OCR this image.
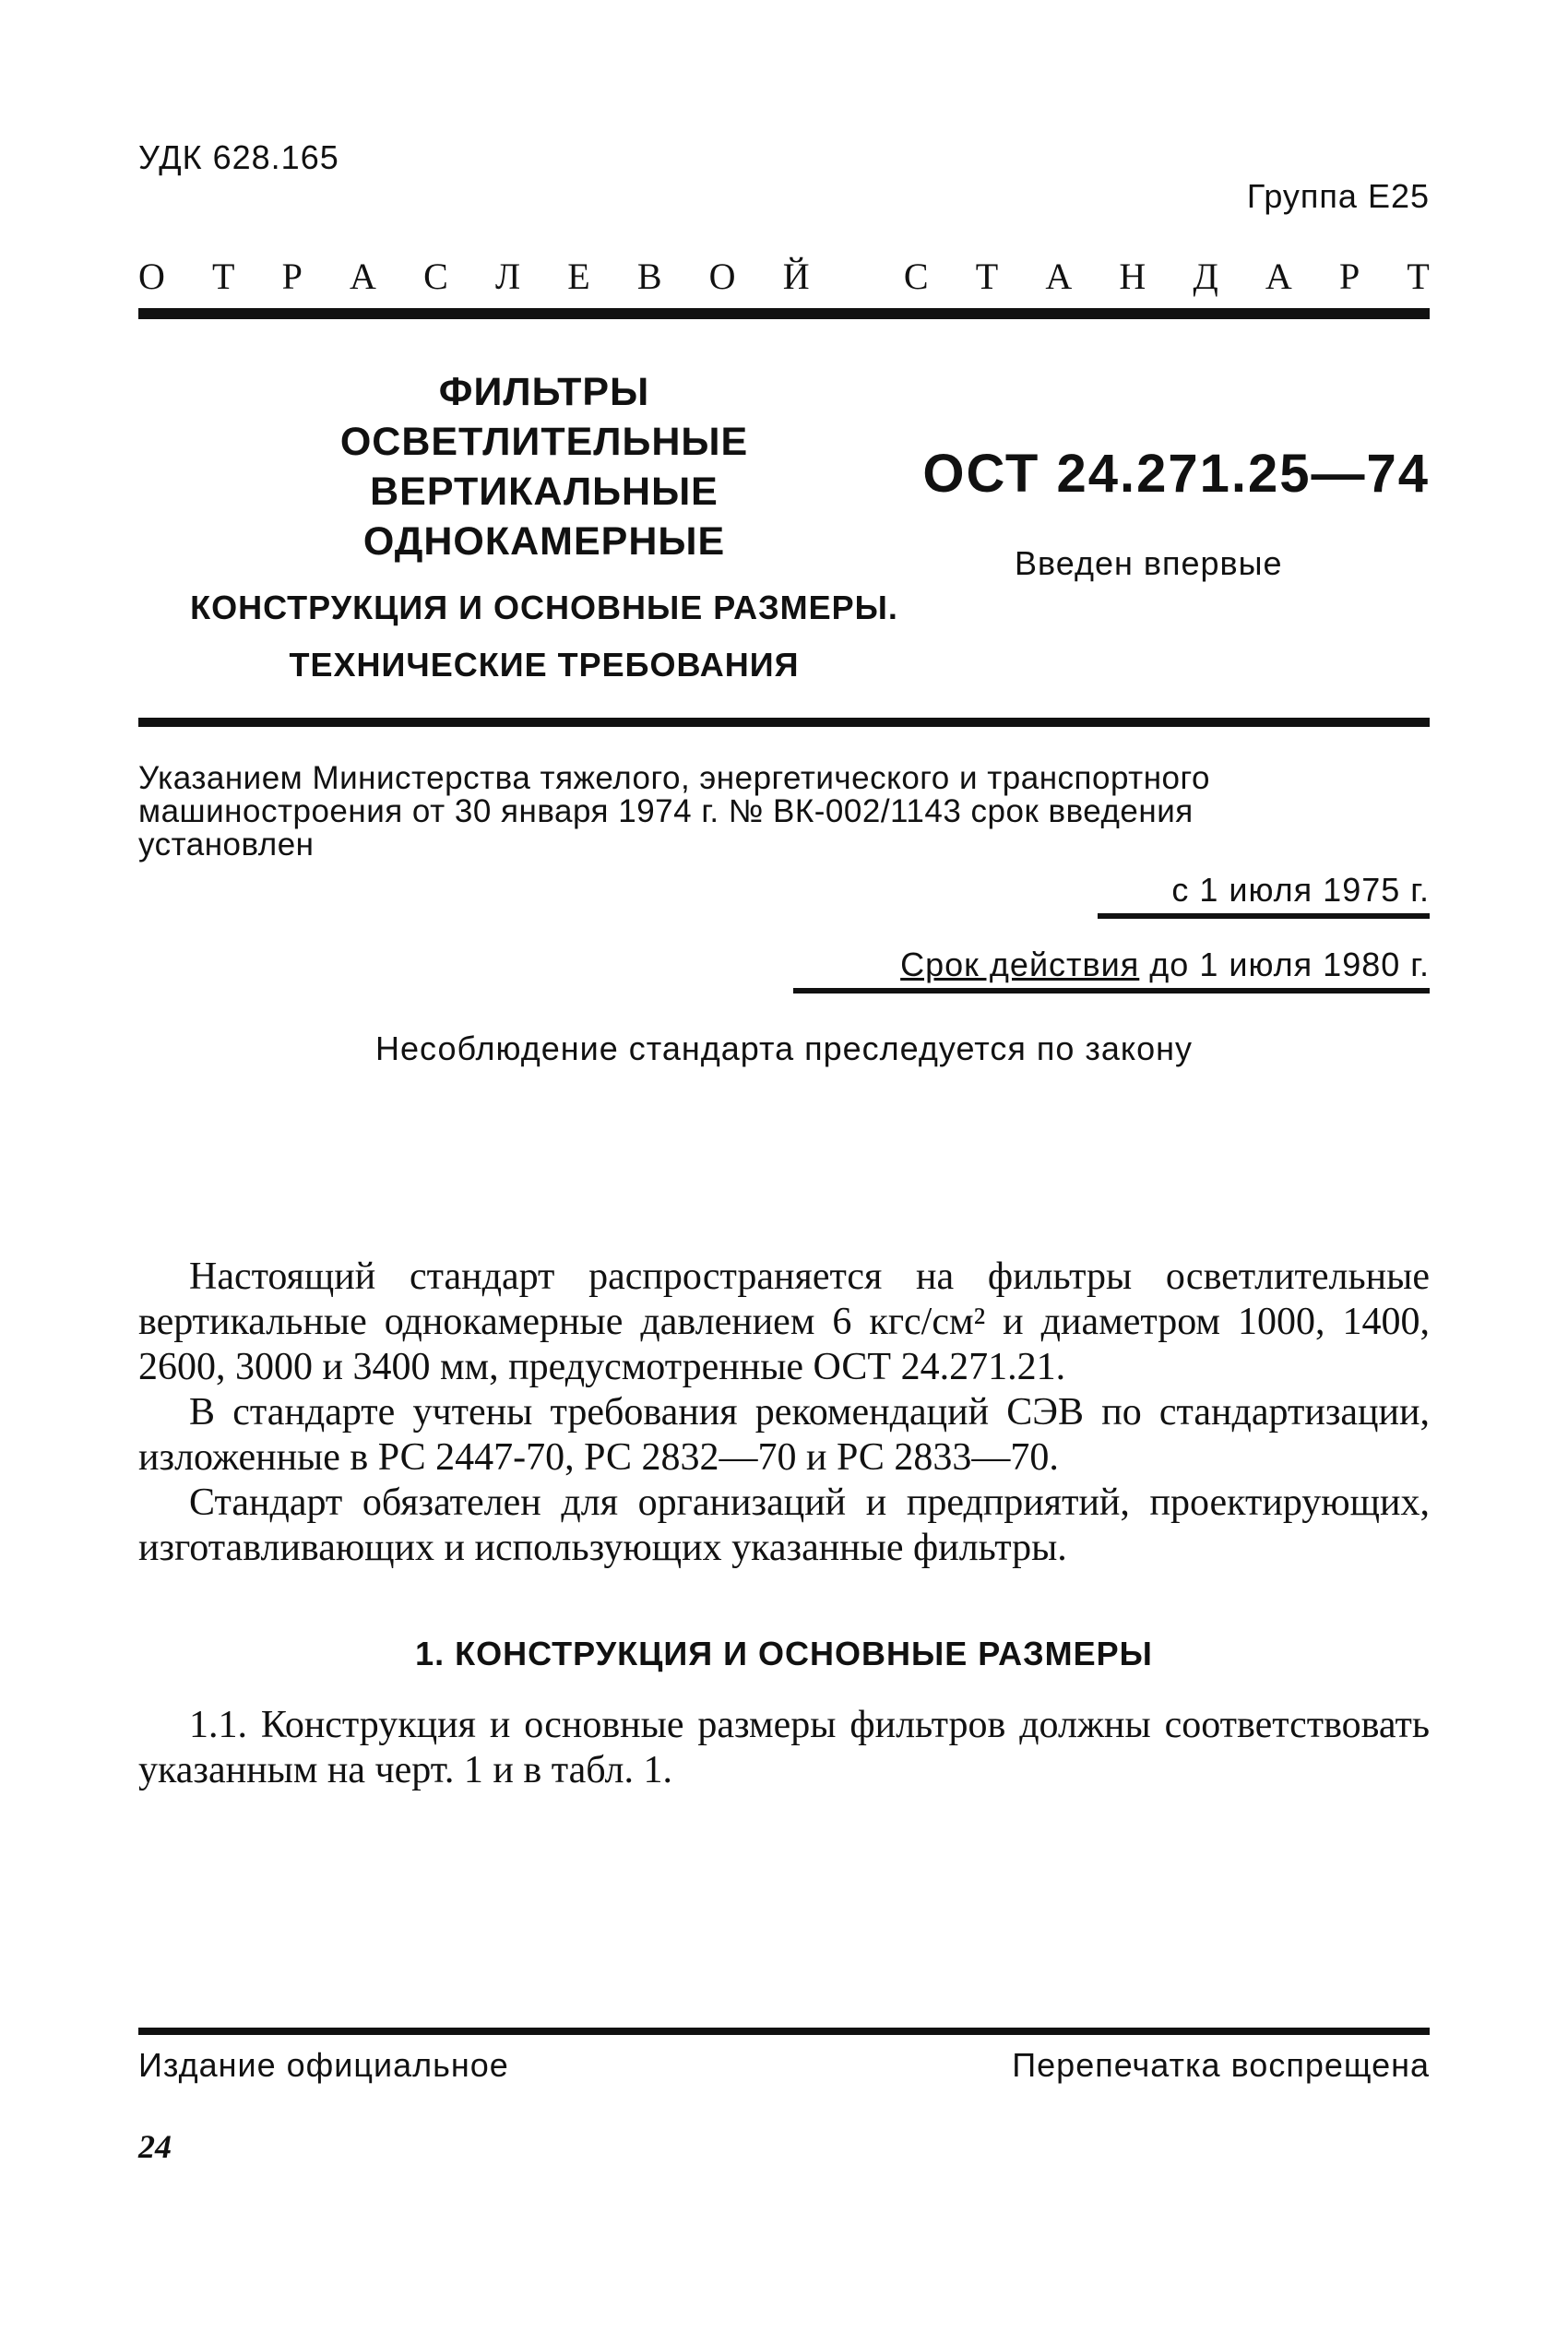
УДК 628.165
Группа Е25
О Т Р А С Л Е В О Й	С Т А Н Д А Р Т
ФИЛЬТРЫ
ОСВЕТЛИТЕЛЬНЫЕ
ВЕРТИКАЛЬНЫЕ
ОДНОКАМЕРНЫЕ
КОНСТРУКЦИЯ И ОСНОВНЫЕ РАЗМЕРЫ.
ТЕХНИЧЕСКИЕ ТРЕБОВАНИЯ
ОСТ 24.271.25—74
Введен впервые
Указанием Министерства тяжелого, энергетического и транспортного
машиностроения от 30 января 1974 г. № ВК-002/1143 срок введения
установлен
с 1 июля 1975 г.
Срок действия до 1 июля 1980 г.
Несоблюдение стандарта преследуется по закону
Настоящий стандарт распространяется на фильтры осветлительные вертикальные однокамерные давлением 6 кгс/см² и диаметром 1000, 1400, 2600, 3000 и 3400 мм, предусмотренные ОСТ 24.271.21.
В стандарте учтены требования рекомендаций СЭВ по стандартизации, изложенные в РС 2447-70, РС 2832—70 и РС 2833—70.
Стандарт обязателен для организаций и предприятий, проектирующих, изготавливающих и использующих указанные фильтры.
1. КОНСТРУКЦИЯ И ОСНОВНЫЕ РАЗМЕРЫ
1.1. Конструкция и основные размеры фильтров должны соответствовать указанным на черт. 1 и в табл. 1.
Издание официальное	Перепечатка воспрещена
24
